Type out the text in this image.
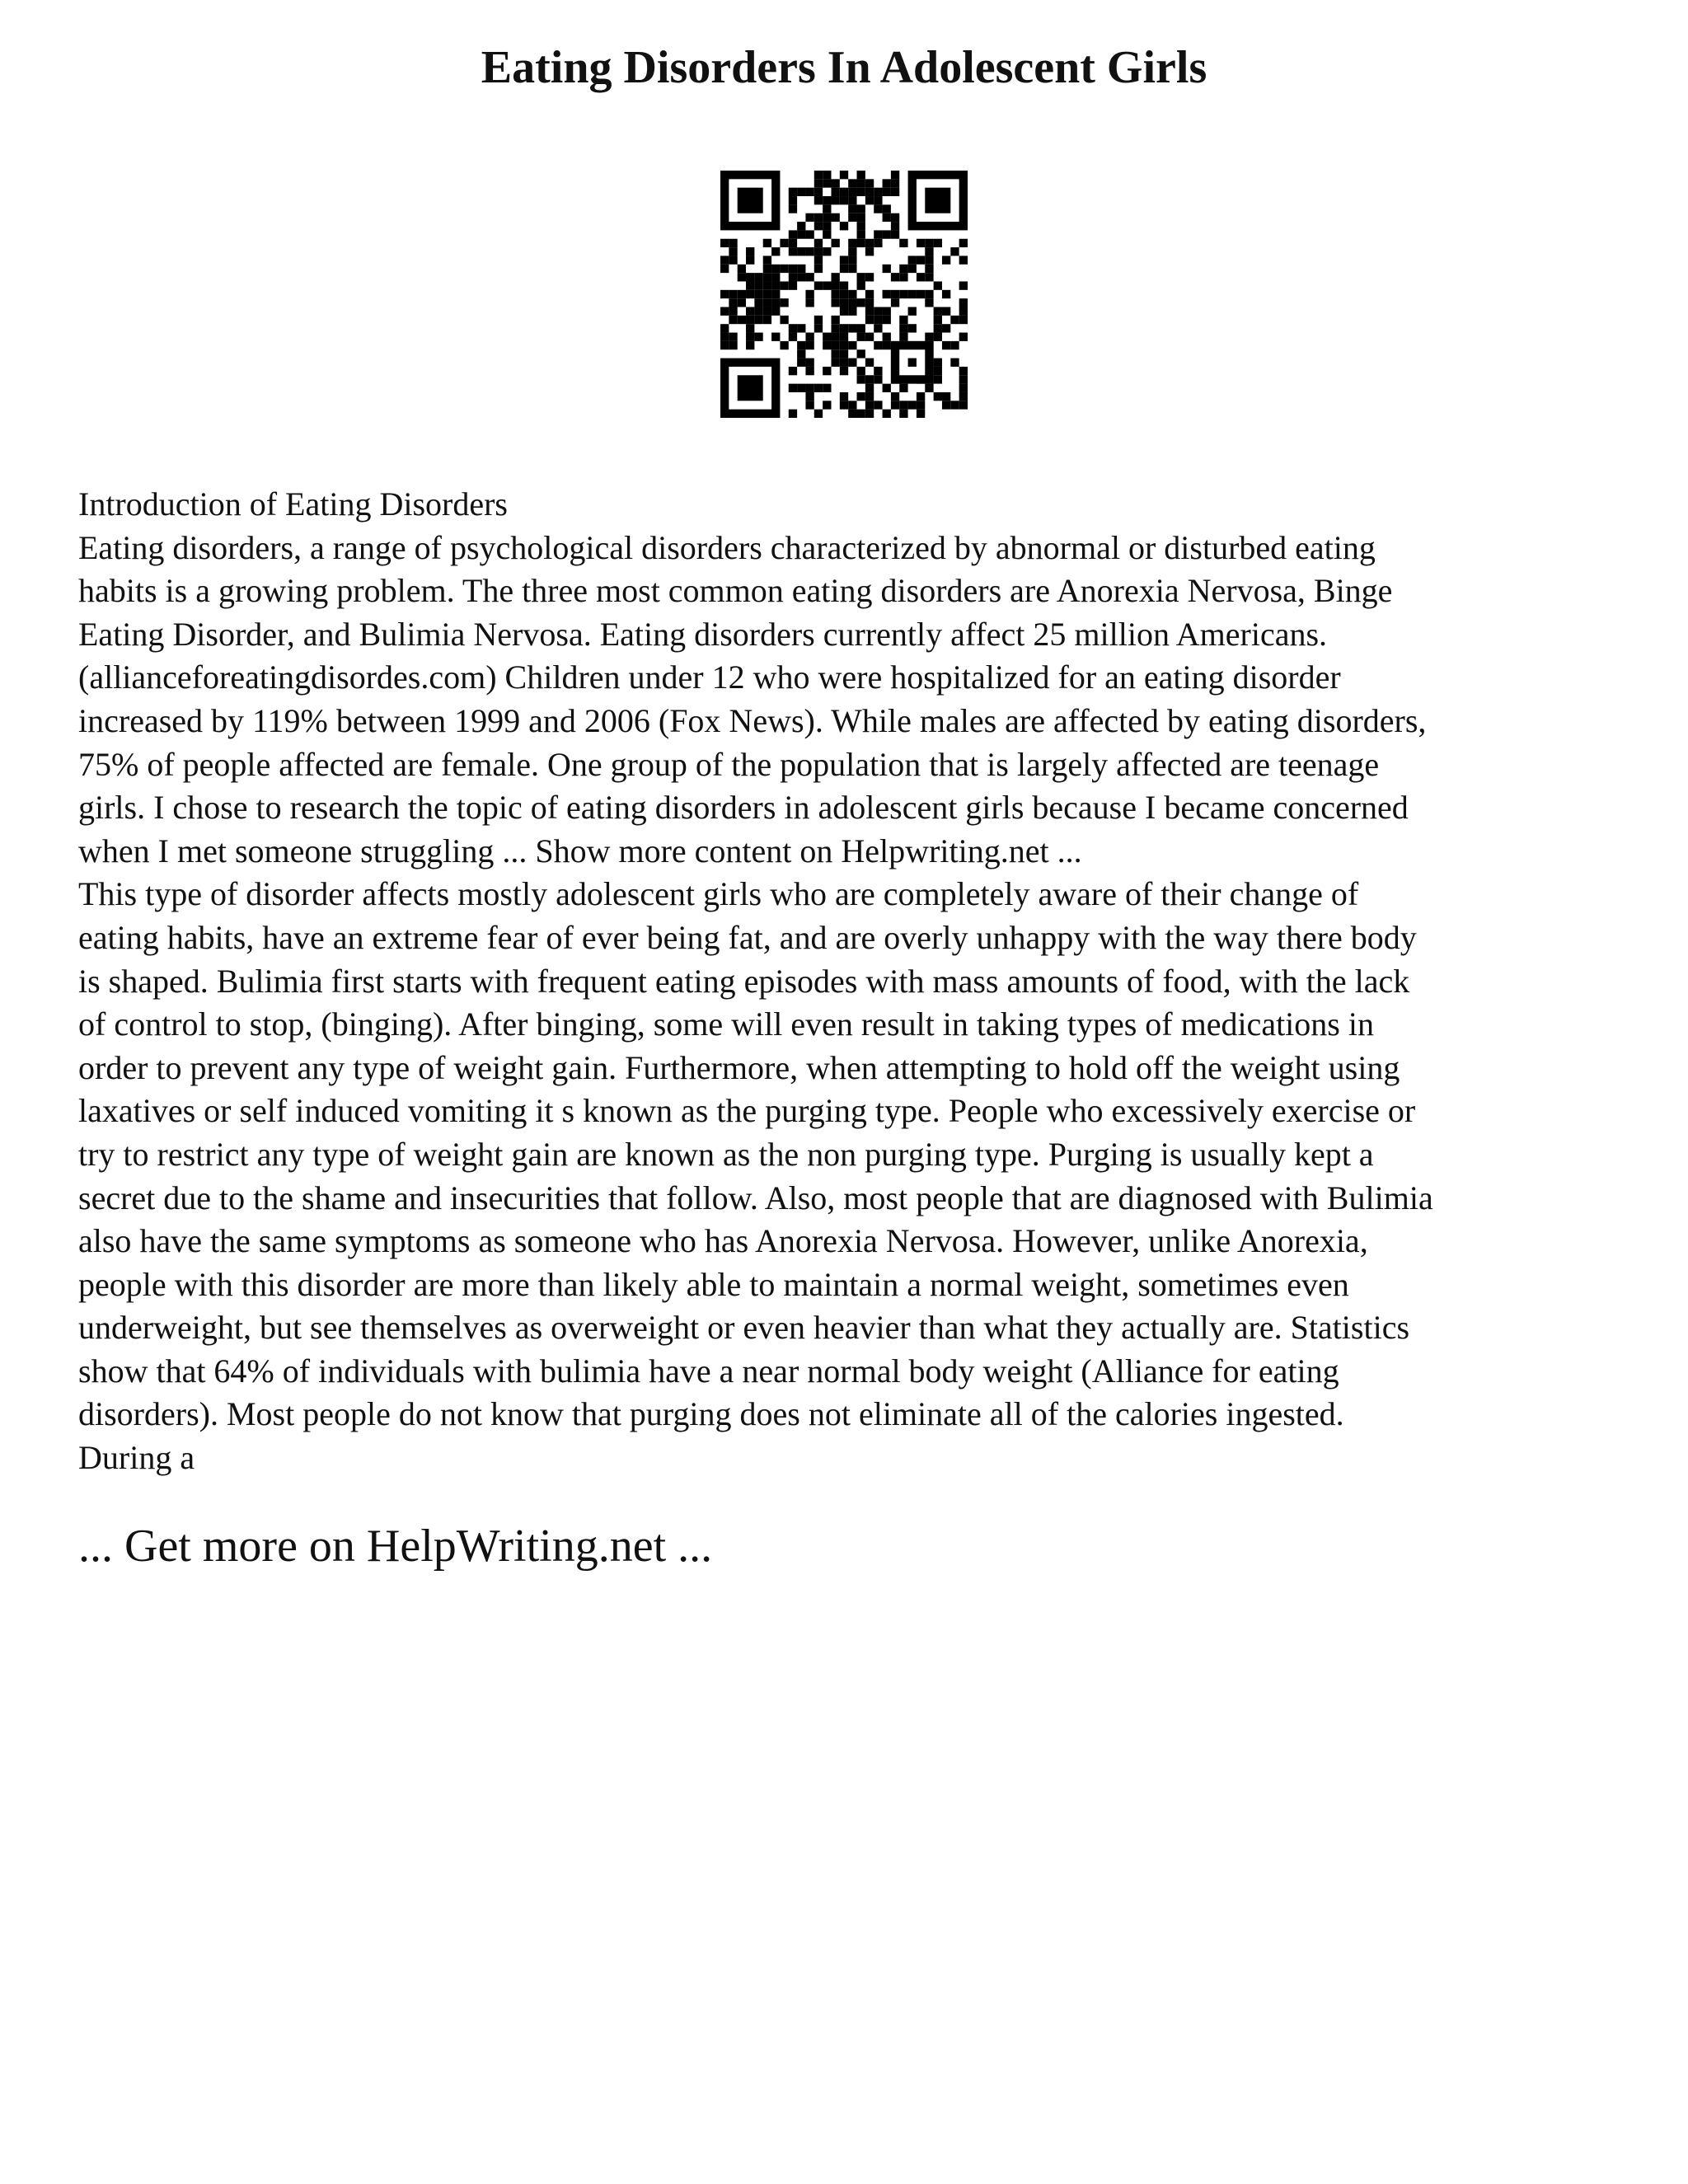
Eating Disorders In Adolescent Girls

Introduction of Eating Disorders

Eating disorders, a range of psychological disorders characterized by abnormal or disturbed eating
habits is a growing problem. The three most common eating disorders are Anorexia Nervosa, Binge
Eating Disorder, and Bulimia Nervosa. Eating disorders currently affect 25 million Americans.
(allianceforeatingdisordes.com) Children under 12 who were hospitalized for an eating disorder
increased by 119% between 1999 and 2006 (Fox News). While males are affected by eating disorders,
75% of people affected are female. One group of the population that is largely affected are teenage
girls. I chose to research the topic of eating disorders in adolescent girls because I became concerned
when I met someone struggling ... Show more content on Helpwriting.net ...

This type of disorder affects mostly adolescent girls who are completely aware of their change of
eating habits, have an extreme fear of ever being fat, and are overly unhappy with the way there body
is shaped. Bulimia first starts with frequent eating episodes with mass amounts of food, with the lack
of control to stop, (binging). After binging, some will even result in taking types of medications in
order to prevent any type of weight gain. Furthermore, when attempting to hold off the weight using
laxatives or self induced vomiting it s known as the purging type. People who excessively exercise or
try to restrict any type of weight gain are known as the non purging type. Purging is usually kept a
secret due to the shame and insecurities that follow. Also, most people that are diagnosed with Bulimia
also have the same symptoms as someone who has Anorexia Nervosa. However, unlike Anorexia,
people with this disorder are more than likely able to maintain a normal weight, sometimes even
underweight, but see themselves as overweight or even heavier than what they actually are. Statistics
show that 64% of individuals with bulimia have a near normal body weight (Alliance for eating
disorders). Most people do not know that purging does not eliminate all of the calories ingested.
During a

... Get more on HelpWriting.net ...
